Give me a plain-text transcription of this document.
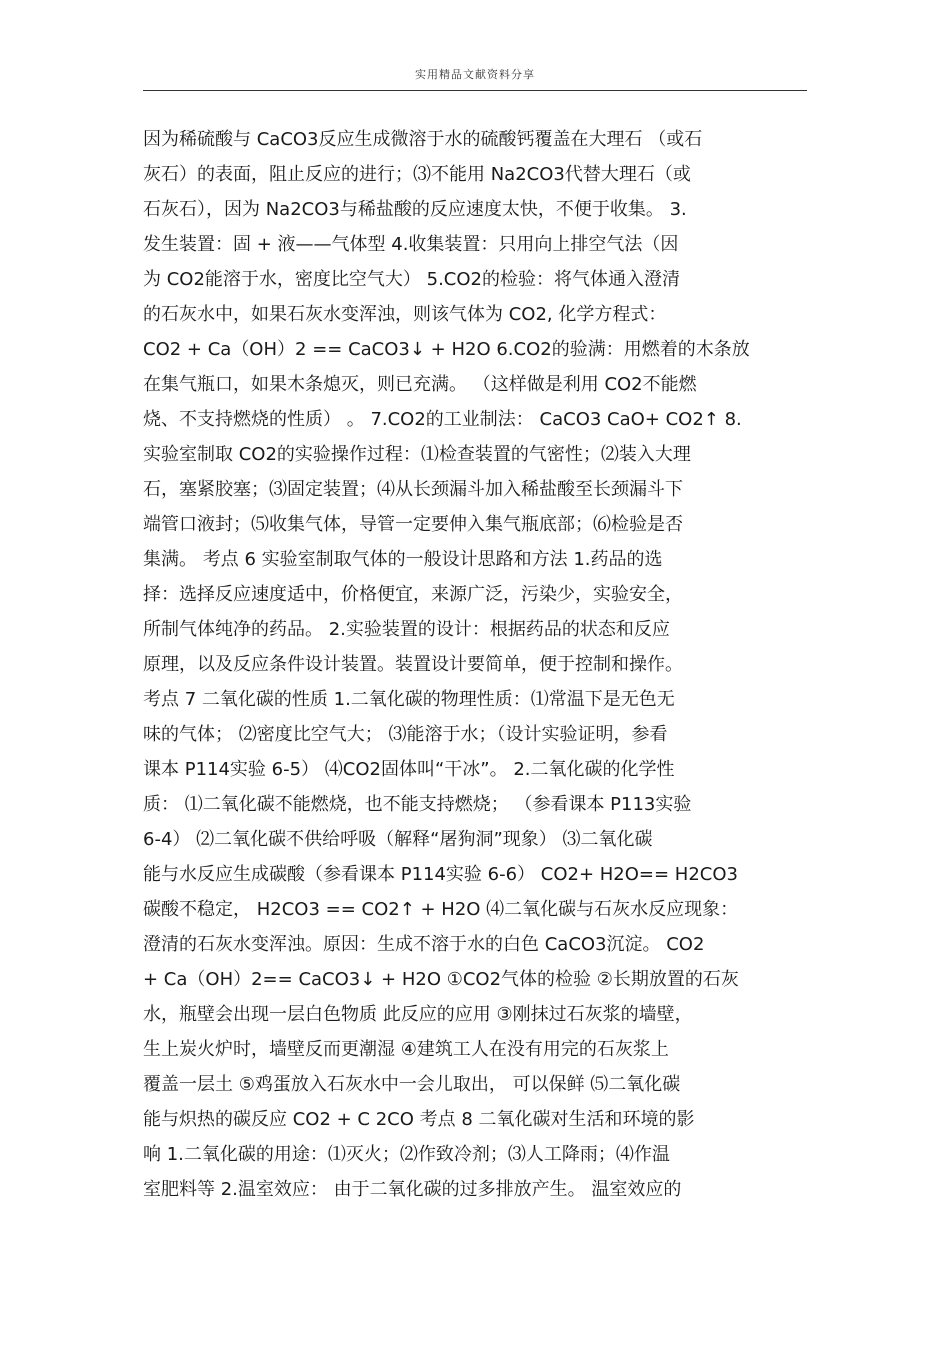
实用精品文献资料分享
因为稀硫酸与 CaCO3反应生成微溶于水的硫酸钙覆盖在大理石 （或石
灰石）的表面，阻止反应的进行；⑶不能用 Na2CO3代替大理石（或
石灰石），因为 Na2CO3与稀盐酸的反应速度太快，不便于收集。 3.
发生装置：固 + 液——气体型 4.收集装置：只用向上排空气法（因
为 CO2能溶于水，密度比空气大） 5.CO2的检验：将气体通入澄清
的石灰水中，如果石灰水变浑浊，则该气体为 CO2, 化学方程式：
CO2 + Ca（OH）2 == CaCO3↓ + H2O 6.CO2的验满：用燃着的木条放
在集气瓶口，如果木条熄灭，则已充满。 （这样做是利用 CO2不能燃
烧、不支持燃烧的性质） 。 7.CO2的工业制法： CaCO3 CaO+ CO2↑ 8.
实验室制取 CO2的实验操作过程：⑴检查装置的气密性；⑵装入大理
石，塞紧胶塞；⑶固定装置；⑷从长颈漏斗加入稀盐酸至长颈漏斗下
端管口液封；⑸收集气体，导管一定要伸入集气瓶底部；⑹检验是否
集满。 考点 6 实验室制取气体的一般设计思路和方法 1.药品的选
择：选择反应速度适中，价格便宜，来源广泛，污染少，实验安全，
所制气体纯净的药品。 2.实验装置的设计：根据药品的状态和反应
原理，以及反应条件设计装置。装置设计要简单，便于控制和操作。
考点 7 二氧化碳的性质 1.二氧化碳的物理性质：⑴常温下是无色无
味的气体； ⑵密度比空气大； ⑶能溶于水；（设计实验证明，参看
课本 P114实验 6-5） ⑷CO2固体叫“干冰”。 2.二氧化碳的化学性
质： ⑴二氧化碳不能燃烧，也不能支持燃烧； （参看课本 P113实验
6-4） ⑵二氧化碳不供给呼吸（解释“屠狗洞”现象） ⑶二氧化碳
能与水反应生成碳酸（参看课本 P114实验 6-6） CO2+ H2O== H2CO3
碳酸不稳定， H2CO3 == CO2↑ + H2O ⑷二氧化碳与石灰水反应现象：
澄清的石灰水变浑浊。原因：生成不溶于水的白色 CaCO3沉淀。 CO2
+ Ca（OH）2== CaCO3↓ + H2O ①CO2气体的检验 ②长期放置的石灰
水，瓶壁会出现一层白色物质 此反应的应用 ③刚抹过石灰浆的墙壁，
生上炭火炉时，墙壁反而更潮湿 ④建筑工人在没有用完的石灰浆上
覆盖一层土 ⑤鸡蛋放入石灰水中一会儿取出， 可以保鲜 ⑸二氧化碳
能与炽热的碳反应 CO2 + C 2CO 考点 8 二氧化碳对生活和环境的影
响 1.二氧化碳的用途：⑴灭火；⑵作致冷剂；⑶人工降雨；⑷作温
室肥料等 2.温室效应： 由于二氧化碳的过多排放产生。 温室效应的
